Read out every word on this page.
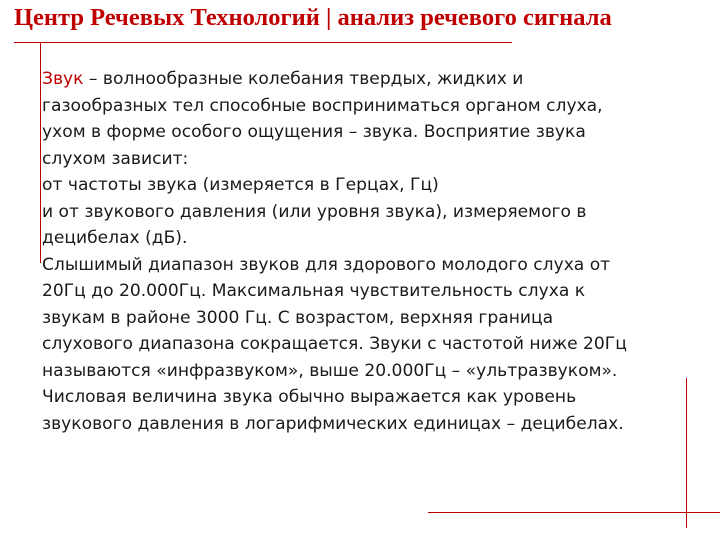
Центр Речевых Технологий | анализ речевого сигнала
Звук – волнообразные колебания твердых, жидких и
газообразных тел способные восприниматься органом слуха,
ухом в форме особого ощущения – звука. Восприятие звука
слухом зависит:
от частоты звука (измеряется в Герцах, Гц)
и от звукового давления (или уровня звука), измеряемого в
децибелах (дБ).
Слышимый диапазон звуков для здорового молодого слуха от
20Гц до 20.000Гц. Максимальная чувствительность слуха к
звукам в районе 3000 Гц. С возрастом, верхняя граница
слухового диапазона сокращается. Звуки с частотой ниже 20Гц
называются «инфразвуком», выше 20.000Гц – «ультразвуком».
Числовая величина звука обычно выражается как уровень
звукового давления в логарифмических единицах – децибелах.
